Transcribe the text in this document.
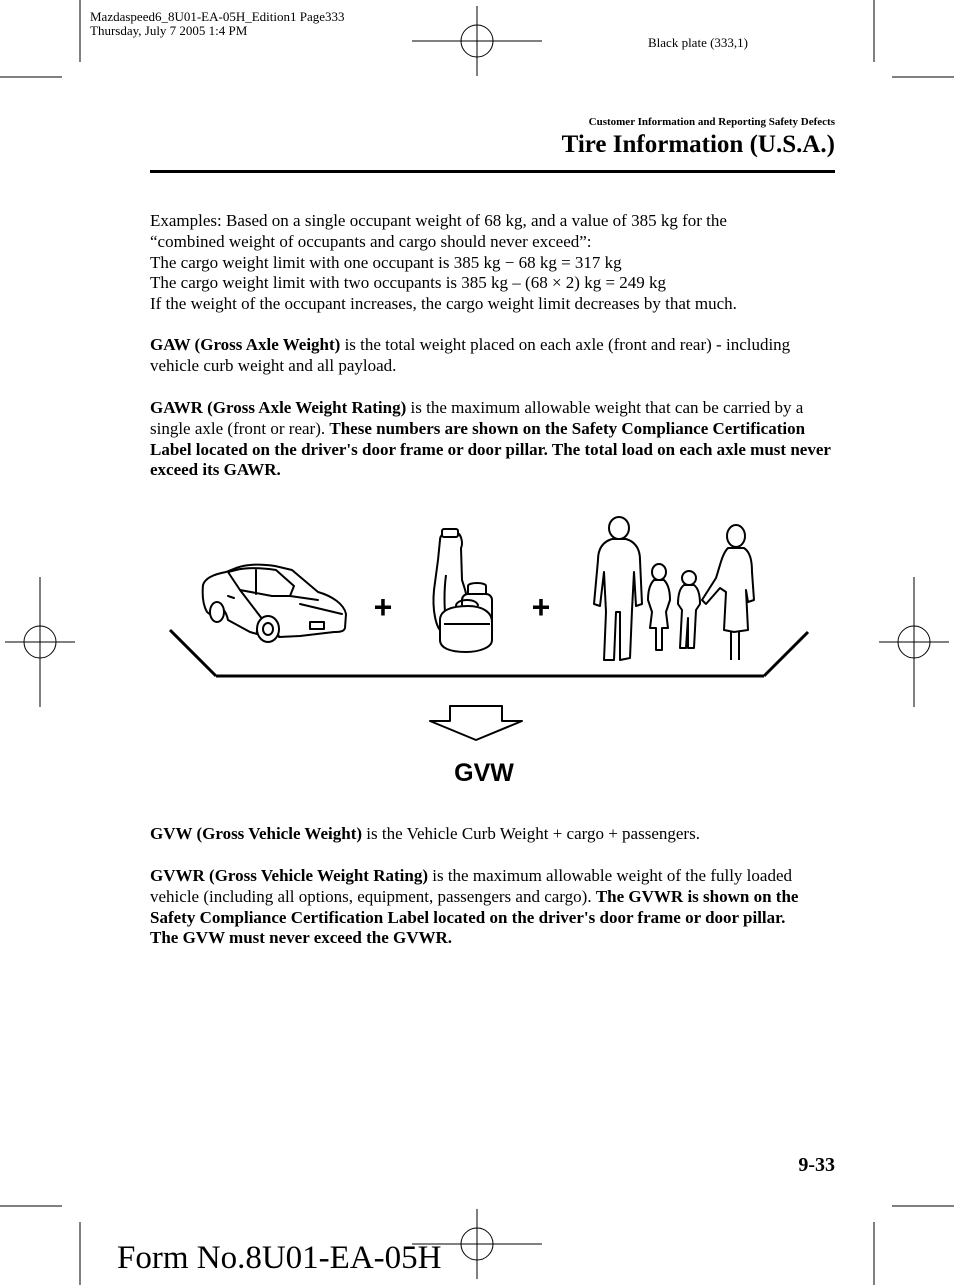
Mazdaspeed6_8U01-EA-05H_Edition1 Page333
Thursday, July 7 2005 1:4 PM
Black plate (333,1)
Customer Information and Reporting Safety Defects
Tire Information (U.S.A.)

Examples: Based on a single occupant weight of 68 kg, and a value of 385 kg for the

“combined weight of occupants and cargo should never exceed”:

The cargo weight limit with one occupant is 385 kg − 68 kg = 317 kg

The cargo weight limit with two occupants is 385 kg – (68 × 2) kg = 249 kg

If the weight of the occupant increases, the cargo weight limit decreases by that much.

GAW (Gross Axle Weight) is the total weight placed on each axle (front and rear) - including vehicle curb weight and all payload.

GAWR (Gross Axle Weight Rating) is the maximum allowable weight that can be carried by a single axle (front or rear). These numbers are shown on the Safety Compliance Certification Label located on the driver's door frame or door pillar. The total load on each axle must never exceed its GAWR.

+	+
GVW

GVW (Gross Vehicle Weight) is the Vehicle Curb Weight + cargo + passengers.

GVWR (Gross Vehicle Weight Rating) is the maximum allowable weight of the fully loaded vehicle (including all options, equipment, passengers and cargo). The GVWR is shown on the Safety Compliance Certification Label located on the driver's door frame or door pillar. The GVW must never exceed the GVWR.

9-33
Form No.8U01-EA-05H
